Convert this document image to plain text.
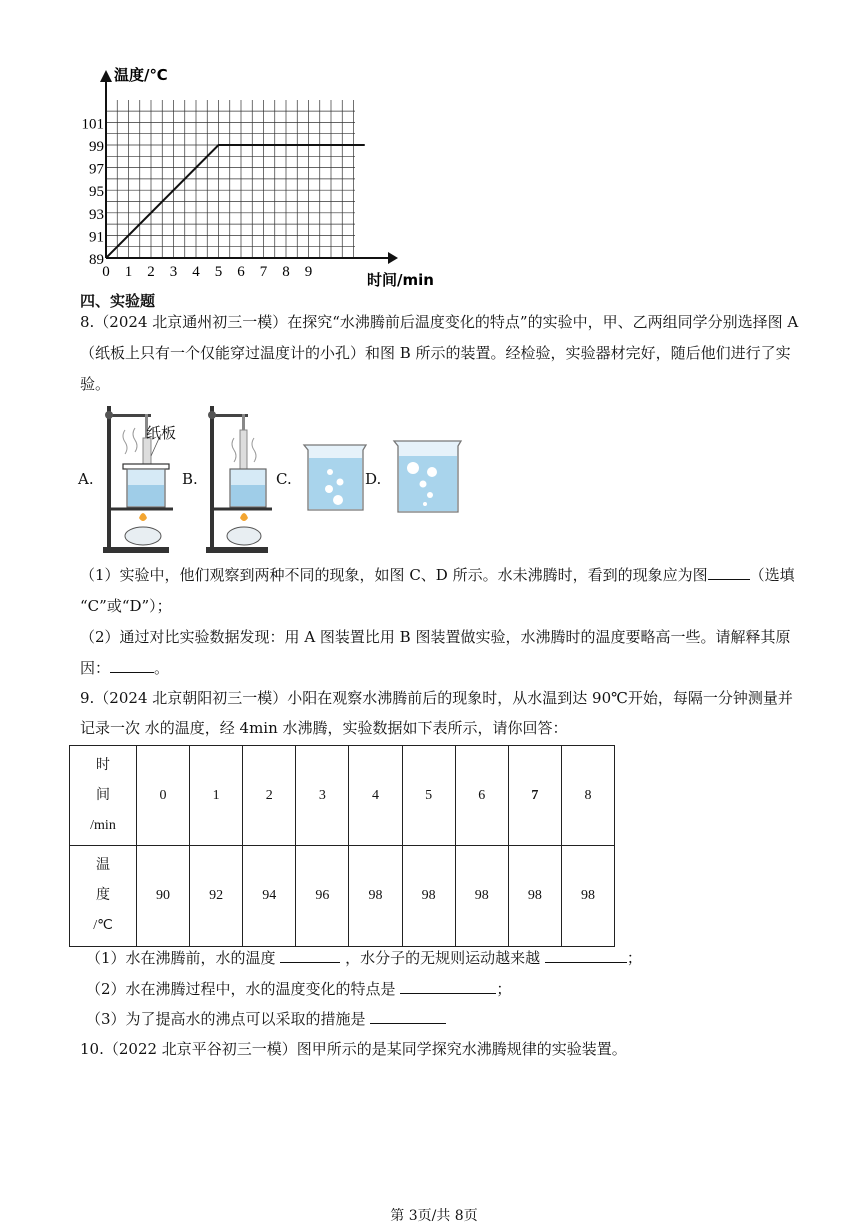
温度/℃
时间/min
89
91
93
95
97
99
101
0 1 2 3 4 5 6 7 8 9
四、实验题
8.（2024 北京通州初三一模）在探究“水沸腾前后温度变化的特点”的实验中，甲、乙两组同学分别选择图 A
（纸板上只有一个仅能穿过温度计的小孔）和图 B 所示的装置。经检验，实验器材完好，随后他们进行了实
验。
A.	B.	C.	D.
纸板
（1）实验中，他们观察到两种不同的现象，如图 C、D 所示。水未沸腾时，看到的现象应为图	（选填
“C”或“D”）；
（2）通过对比实验数据发现：用 A 图装置比用 B 图装置做实验，水沸腾时的温度要略高一些。请解释其原
因：	。
9.（2024 北京朝阳初三一模）小阳在观察水沸腾前后的现象时，从水温到达 90℃开始，每隔一分钟测量并
记录一次 水的温度，经 4min 水沸腾，实验数据如下表所示，请你回答：
时
间
/min	0	1	2	3	4	5	6	7	8
温
度
/℃	90	92	94	96	98	98	98	98	98
（1）水在沸腾前，水的温度	，水分子的无规则运动越来越	；
（2）水在沸腾过程中，水的温度变化的特点是	；
（3）为了提高水的沸点可以采取的措施是
10.（2022 北京平谷初三一模）图甲所示的是某同学探究水沸腾规律的实验装置。
第 3页/共 8页
